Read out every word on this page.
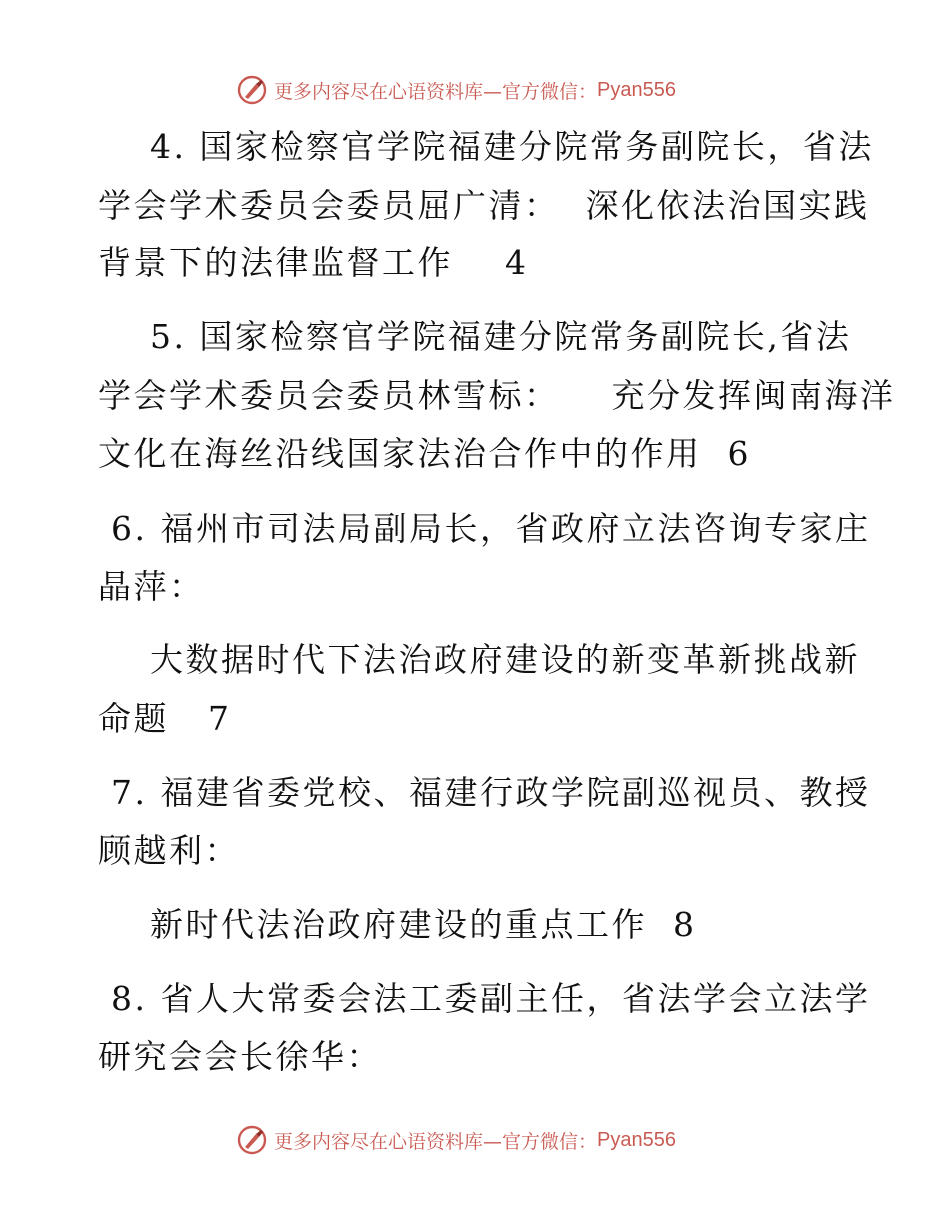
更多内容尽在心语资料库—官方微信： Pyan556
4. 国家检察官学院福建分院常务副院长，省法
学会学术委员会委员屈广清：  深化依法治国实践
背景下的法律监督工作    4
5. 国家检察官学院福建分院常务副院长,省法
学会学术委员会委员林雪标：    充分发挥闽南海洋
文化在海丝沿线国家法治合作中的作用  6
6. 福州市司法局副局长，省政府立法咨询专家庄
晶萍：
大数据时代下法治政府建设的新变革新挑战新
命题   7
7. 福建省委党校、福建行政学院副巡视员、教授
顾越利：
新时代法治政府建设的重点工作  8
8. 省人大常委会法工委副主任，省法学会立法学
研究会会长徐华：
更多内容尽在心语资料库—官方微信： Pyan556
